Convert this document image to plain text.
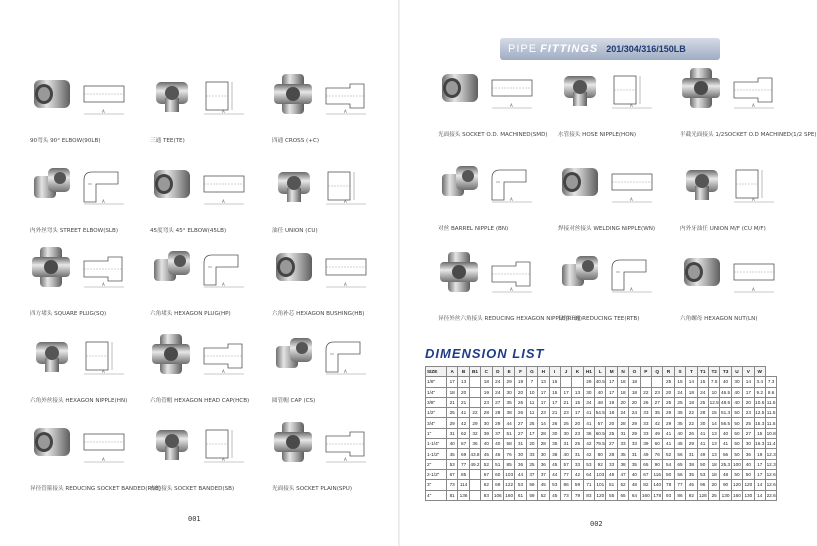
A
90弯头 90° ELBOW(90LB)
A
三通 TEE(TE)
A
四通 CROSS (+C)
A
内外丝弯头 STREET ELBOW(SLB)
A
45度弯头 45° ELBOW(45LB)
A
油任 UNION (CU)
A
四方堵头 SQUARE PLUG(SQ)
A
六角堵头 HEXAGON PLUG(HP)
A
六角补芯 HEXAGON BUSHING(HB)
A
六角外丝接头 HEXAGON NIPPLE(HN)
A
六角管帽 HEXAGON HEAD CAP(HCB)
A
圆管帽 CAP (CS)
A
异径管箍接头 REDUCING SOCKET BANDED(RSB)
A
有边接头 SOCKET BANDED(SB)
A
光面接头 SOCKET PLAIN(SPU)
001
PIPE FITTINGS 201/304/316/150LB
A
光面接头 SOCKET O.D. MACHINED(SMD)
A
水管接头 HOSE NIPPLE(HON)
A
半截光面接头 1/2SOCKET O.D MACHINED(1/2 SPE)
A
对丝 BARREL NIPPLE (BN)
A
焊接对丝接头 WELDING NIPPLE(WN)
A
内外牙油任 UNION M/F (CU M/F)
A
异径外丝六角接头 REDUCING HEXAGON NIPPLE(RHN)
A
异径三通 REDUCING TEE(RTB)
A
六角螺母 HEXAGON NUT(LN)
DIMENSION LIST
SIZE	A	B	B1	C	D	E	F	G	H	I	J	K	H1	L	M	N	O	P	Q	R	S	T	T1	T2	T3	U	V	W	
1/8"	17	13		18	24	29	19	7	13	15			29	40.5	17	18	18			25	15	14	15	7.5	40	30	14	3.4	7.3
1/4"	18	20		19	24	30	20	10	17	15	17	13	30	40	17	18	18	22	23	20	24	18	24	10	46.5	40	17	9.2	8.6
3/8"	21	21		23	27	35	26	11	17	17	21	15	34	48	19	20	20	26	27	25	25	18	25	12.5	48.5	40	20	10.6	11.5
1/2"	25	41	22	28	28	38	26	11	23	21	23	17	41	54.5	18	24	24	33	35	29	35	22	28	15	51.3	50	23	12.5	11.5
3/4"	29	42	29	30	29	44	27	25	14	26	25	20	41	57	20	28	29	33	42	29	35	22	30	14	56.5	50	25	15.3	11.5
1"	31	62	32	39	37	51	27	17	28	30	30	23	36	60.5	25	31	29	33	49	41	40	26	41	13	40	50	27	15	10.8
1-1/4"	40	67	36	40	40	58	31	20	28	35	31	25	42	79.5	27	33	33	39	60	41	45	29	41	13	41	50	30	16.3	11.4
1-1/2"	45	69	43.8	45	46	76	30	33	30	38	40	31	42	80	28	35	31	49	76	52	56	31	49	13	56	50	36	19	12.3
2"	53	77	49.2	52	51	85	36	25	36	45	57	33	53	92	33	38	35	65	90	54	65	38	50	18	25.3	100	40	17	12.3
2-1/2"	67	85		67	60	103	44	37	37	44	77	42	64	103	49	47	40	67	116	50	56	35	53	18	48	50	50	17	12.6
3"	73	114		62	69	122	53	59	45	53	86	59	71	101	51	52	48	82	140	78	77	45	96	20	90	120	120	14	12.6
4"	81	136		83	106	160	61	59	52	45	73	79	83	120	55	65	64	160	178	93	86	92	128	25	130	160	130	14	22.6
002
